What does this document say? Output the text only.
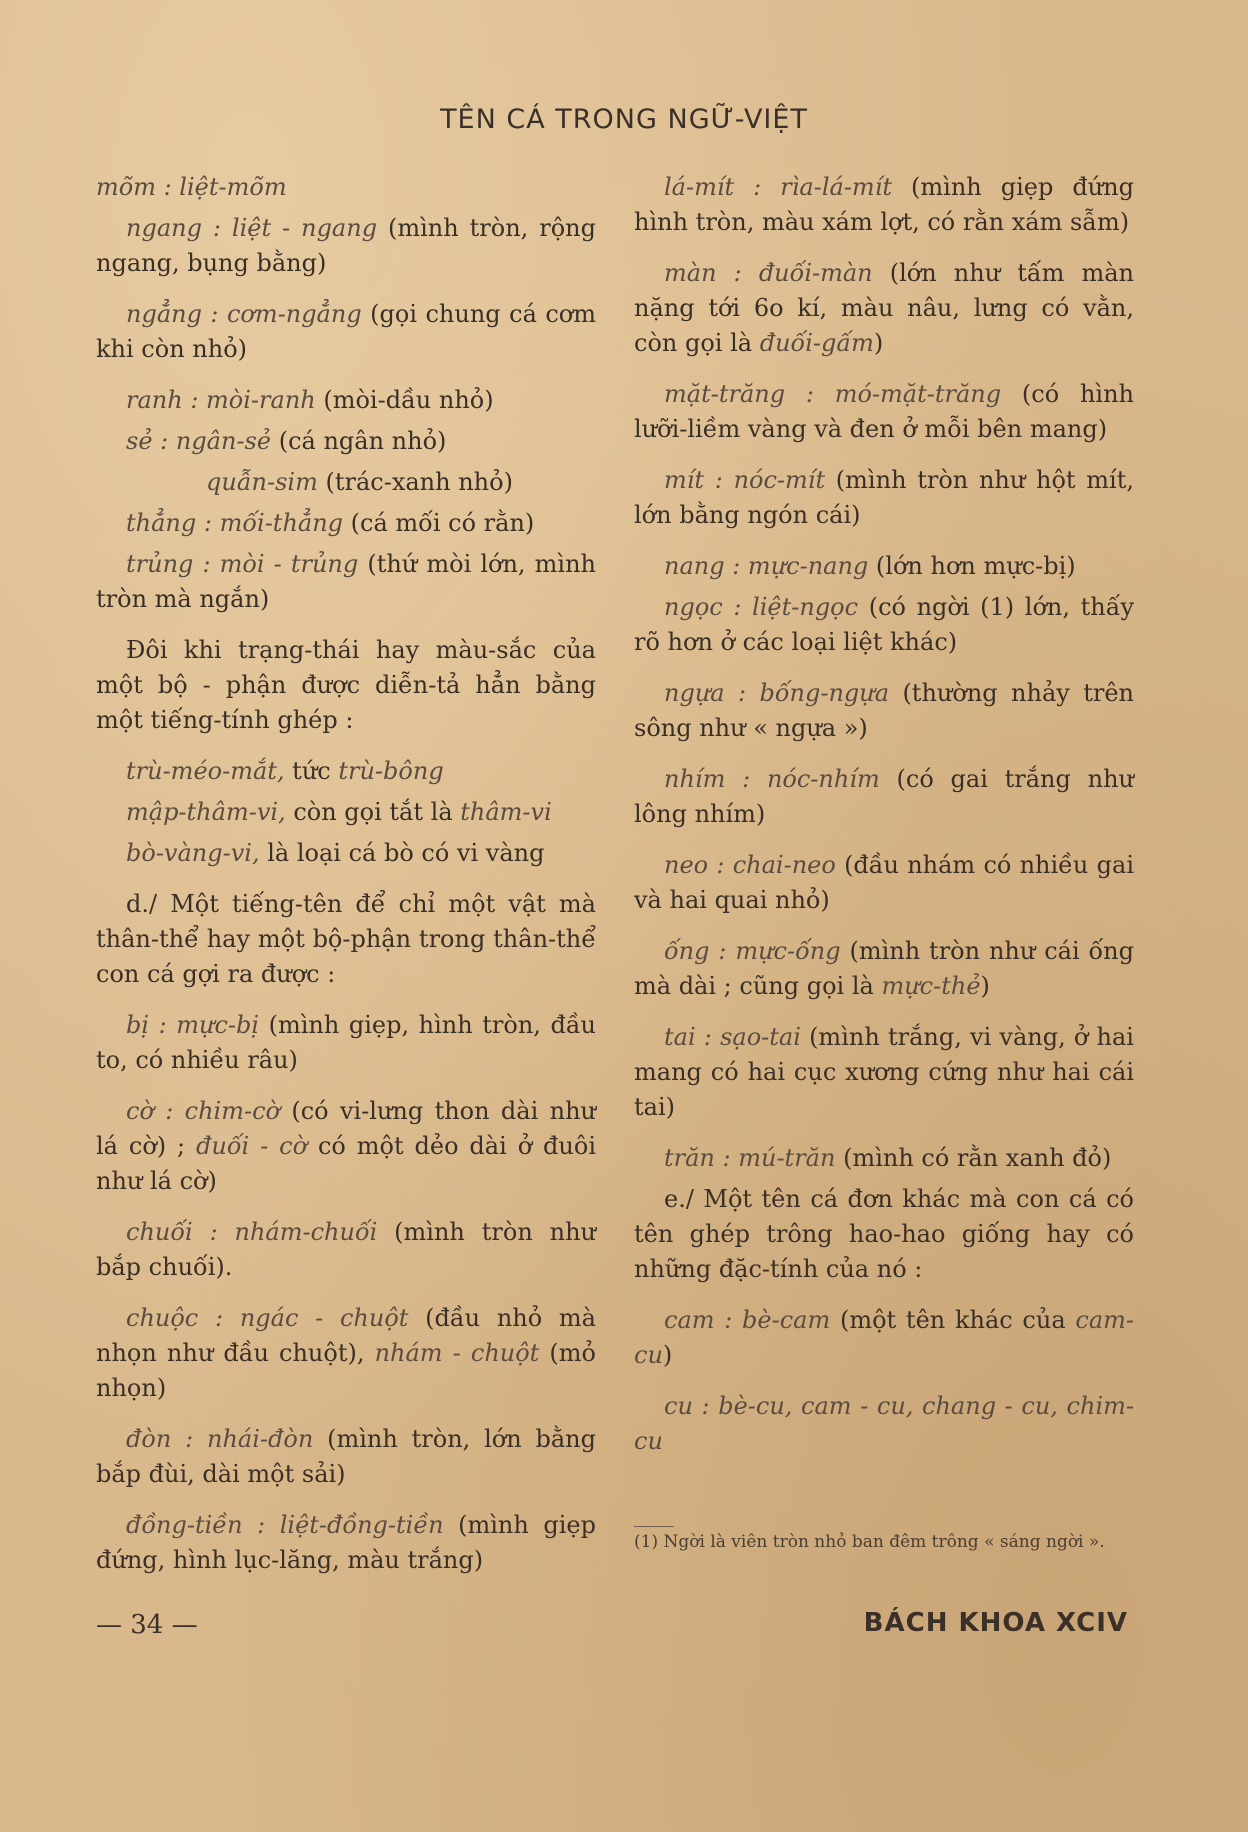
TÊN CÁ TRONG NGỮ-VIỆT

mõm : liệt-mõm

ngang : liệt - ngang (mình tròn, rộng ngang, bụng bằng)

ngẳng : cơm-ngẳng (gọi chung cá cơm khi còn nhỏ)

ranh : mòi-ranh (mòi-dầu nhỏ)

sẻ : ngân-sẻ (cá ngân nhỏ)

quẫn-sim (trác-xanh nhỏ)

thẳng : mối-thẳng (cá mối có rằn)

trủng : mòi - trủng (thứ mòi lớn, mình tròn mà ngắn)

Đôi khi trạng-thái hay màu-sắc của một bộ - phận được diễn-tả hẳn bằng một tiếng-tính ghép :

trù-méo-mắt, tức trù-bông

mập-thâm-vi, còn gọi tắt là thâm-vi

bò-vàng-vi, là loại cá bò có vi vàng

d./ Một tiếng-tên để chỉ một vật mà thân-thể hay một bộ-phận trong thân-thể con cá gợi ra được :

bị : mực-bị (mình giẹp, hình tròn, đầu to, có nhiều râu)

cờ : chim-cờ (có vi-lưng thon dài như lá cờ) ; đuối - cờ có một dẻo dài ở đuôi như lá cờ)

chuối : nhám-chuối (mình tròn như bắp chuối).

chuộc : ngác - chuột (đầu nhỏ mà nhọn như đầu chuột), nhám - chuột (mỏ nhọn)

đòn : nhái-đòn (mình tròn, lớn bằng bắp đùi, dài một sải)

đồng-tiền : liệt-đồng-tiền (mình giẹp đứng, hình lục-lăng, màu trắng)

lá-mít : rìa-lá-mít (mình giẹp đứng hình tròn, màu xám lợt, có rằn xám sẫm)

màn : đuối-màn (lớn như tấm màn nặng tới 6o kí, màu nâu, lưng có vằn, còn gọi là đuối-gấm)

mặt-trăng : mó-mặt-trăng (có hình lưỡi-liềm vàng và đen ở mỗi bên mang)

mít : nóc-mít (mình tròn như hột mít, lớn bằng ngón cái)

nang : mực-nang (lớn hơn mực-bị)

ngọc : liệt-ngọc (có ngời (1) lớn, thấy rõ hơn ở các loại liệt khác)

ngựa : bống-ngựa (thường nhảy trên sông như « ngựa »)

nhím : nóc-nhím (có gai trắng như lông nhím)

neo : chai-neo (đầu nhám có nhiều gai và hai quai nhỏ)

ống : mực-ống (mình tròn như cái ống mà dài ; cũng gọi là mực-thẻ)

tai : sạo-tai (mình trắng, vi vàng, ở hai mang có hai cục xương cứng như hai cái tai)

trăn : mú-trăn (mình có rằn xanh đỏ)

e./ Một tên cá đơn khác mà con cá có tên ghép trông hao-hao giống hay có những đặc-tính của nó :

cam : bè-cam (một tên khác của cam-cu)

cu : bè-cu, cam - cu, chang - cu, chim-cu

(1) Ngời là viên tròn nhỏ ban đêm trông « sáng ngời ».
— 34 —	BÁCH KHOA XCIV
